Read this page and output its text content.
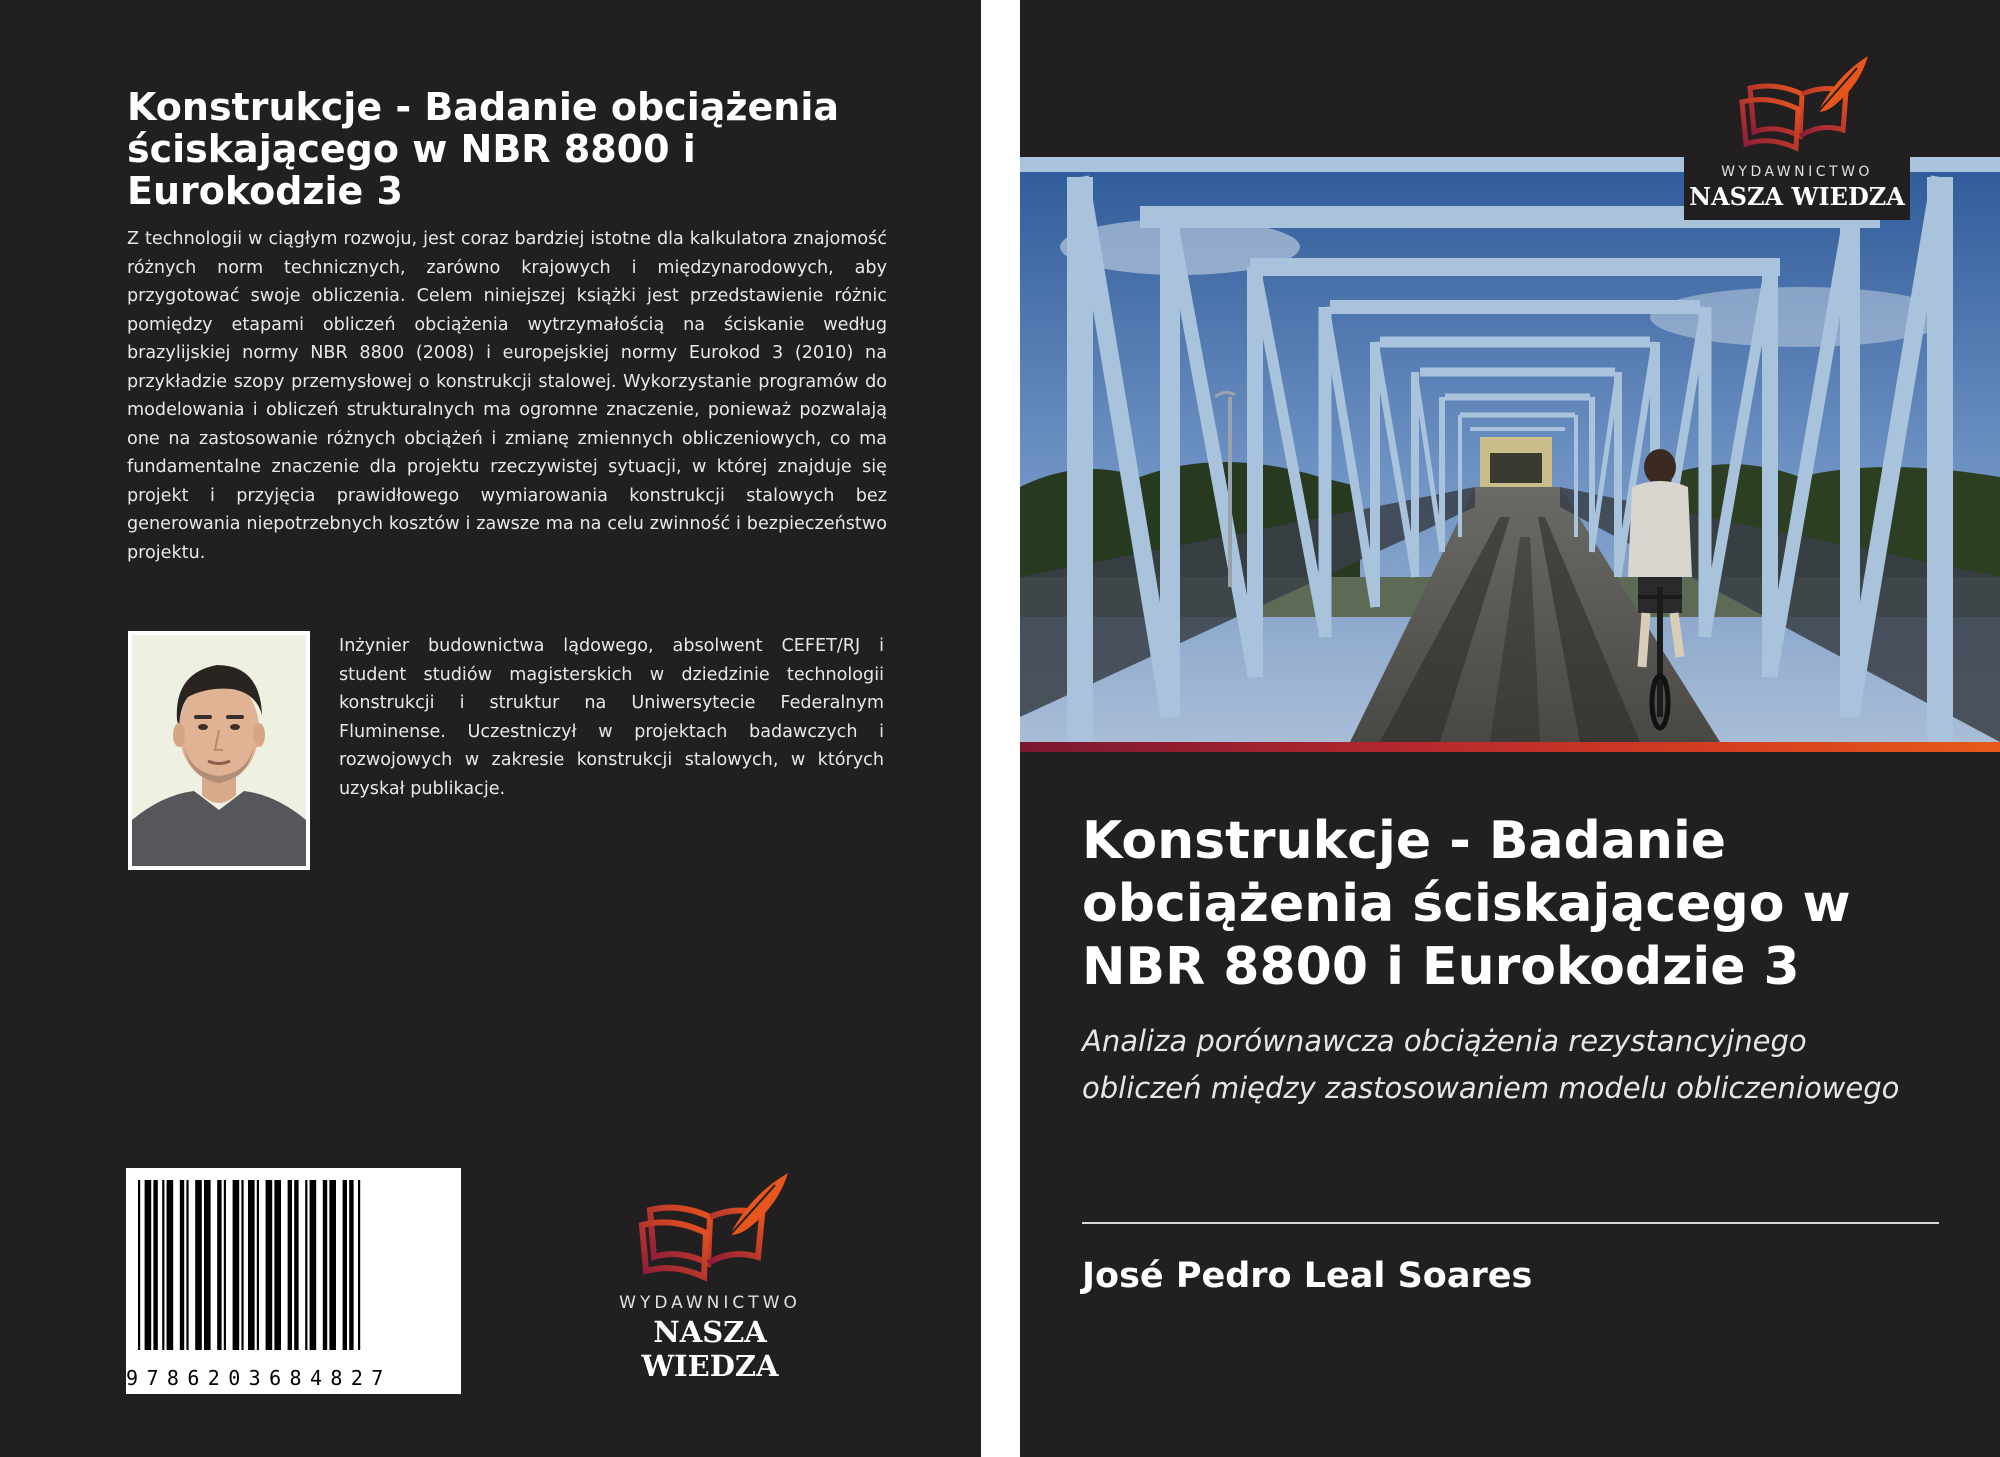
Konstrukcje - Badanie obciążenia ściskającego w NBR 8800 i Eurokodzie 3

Z technologii w ciągłym rozwoju, jest coraz bardziej istotne dla kalkulatora znajomość różnych norm technicznych, zarówno krajowych i międzynarodowych, aby przygotować swoje obliczenia. Celem niniejszej książki jest przedstawienie różnic pomiędzy etapami obliczeń obciążenia wytrzymałością na ściskanie według brazylijskiej normy NBR 8800 (2008) i europejskiej normy Eurokod 3 (2010) na przykładzie szopy przemysłowej o konstrukcji stalowej. Wykorzystanie programów do modelowania i obliczeń strukturalnych ma ogromne znaczenie, ponieważ pozwalają one na zastosowanie różnych obciążeń i zmianę zmiennych obliczeniowych, co ma fundamentalne znaczenie dla projektu rzeczywistej sytuacji, w której znajduje się projekt i przyjęcia prawidłowego wymiarowania konstrukcji stalowych bez generowania niepotrzebnych kosztów i zawsze ma na celu zwinność i bezpieczeństwo projektu.

Inżynier budownictwa lądowego, absolwent CEFET/RJ i student studiów magisterskich w dziedzinie technologii konstrukcji i struktur na Uniwersytecie Federalnym Fluminense. Uczestniczył w projektach badawczych i rozwojowych w zakresie konstrukcji stalowych, w których uzyskał publikacje.

9786203684827
WYDAWNICTWO
NASZA WIEDZA
WYDAWNICTWO
NASZA WIEDZA
Konstrukcje - Badanie obciążenia ściskającego w NBR 8800 i Eurokodzie 3

Analiza porównawcza obciążenia rezystancyjnego obliczeń między zastosowaniem modelu obliczeniowego

José Pedro Leal Soares
